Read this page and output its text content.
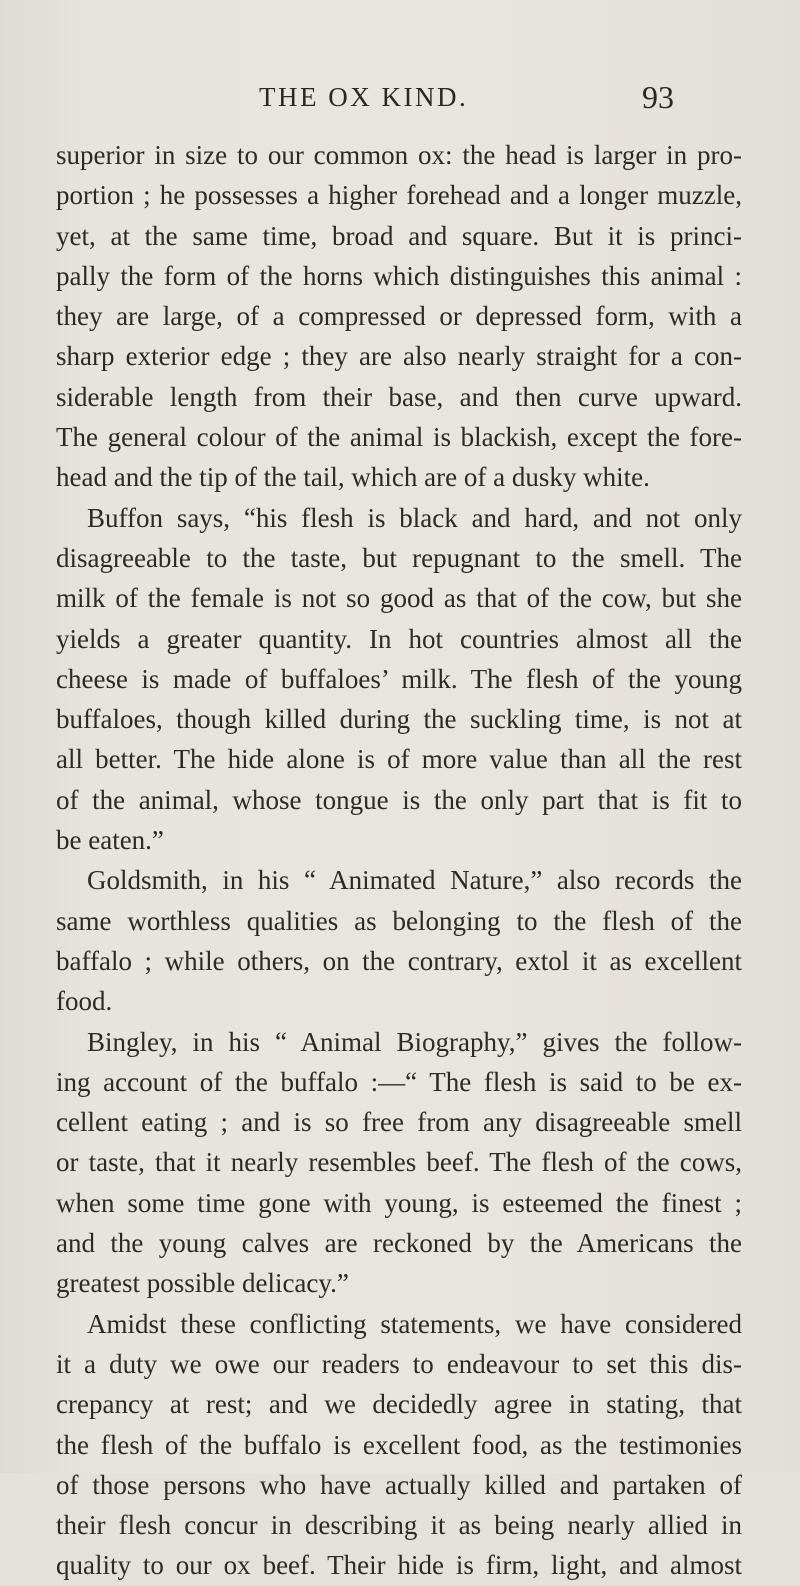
THE OX KIND.	93
superior in size to our common ox: the head is larger in pro-
portion ; he possesses a higher forehead and a longer muzzle,
yet, at the same time, broad and square. But it is princi-
pally the form of the horns which distinguishes this animal :
they are large, of a compressed or depressed form, with a
sharp exterior edge ; they are also nearly straight for a con-
siderable length from their base, and then curve upward.
The general colour of the animal is blackish, except the fore-
head and the tip of the tail, which are of a dusky white.
Buffon says, “his flesh is black and hard, and not only
disagreeable to the taste, but repugnant to the smell. The
milk of the female is not so good as that of the cow, but she
yields a greater quantity. In hot countries almost all the
cheese is made of buffaloes’ milk. The flesh of the young
buffaloes, though killed during the suckling time, is not at
all better. The hide alone is of more value than all the rest
of the animal, whose tongue is the only part that is fit to
be eaten.”
Goldsmith, in his “ Animated Nature,” also records the
same worthless qualities as belonging to the flesh of the
baffalo ; while others, on the contrary, extol it as excellent
food.
Bingley, in his “ Animal Biography,” gives the follow-
ing account of the buffalo :—“ The flesh is said to be ex-
cellent eating ; and is so free from any disagreeable smell
or taste, that it nearly resembles beef. The flesh of the cows,
when some time gone with young, is esteemed the finest ;
and the young calves are reckoned by the Americans the
greatest possible delicacy.”
Amidst these conflicting statements, we have considered
it a duty we owe our readers to endeavour to set this dis-
crepancy at rest; and we decidedly agree in stating, that
the flesh of the buffalo is excellent food, as the testimonies
of those persons who have actually killed and partaken of
their flesh concur in describing it as being nearly allied in
quality to our ox beef. Their hide is firm, light, and almost
